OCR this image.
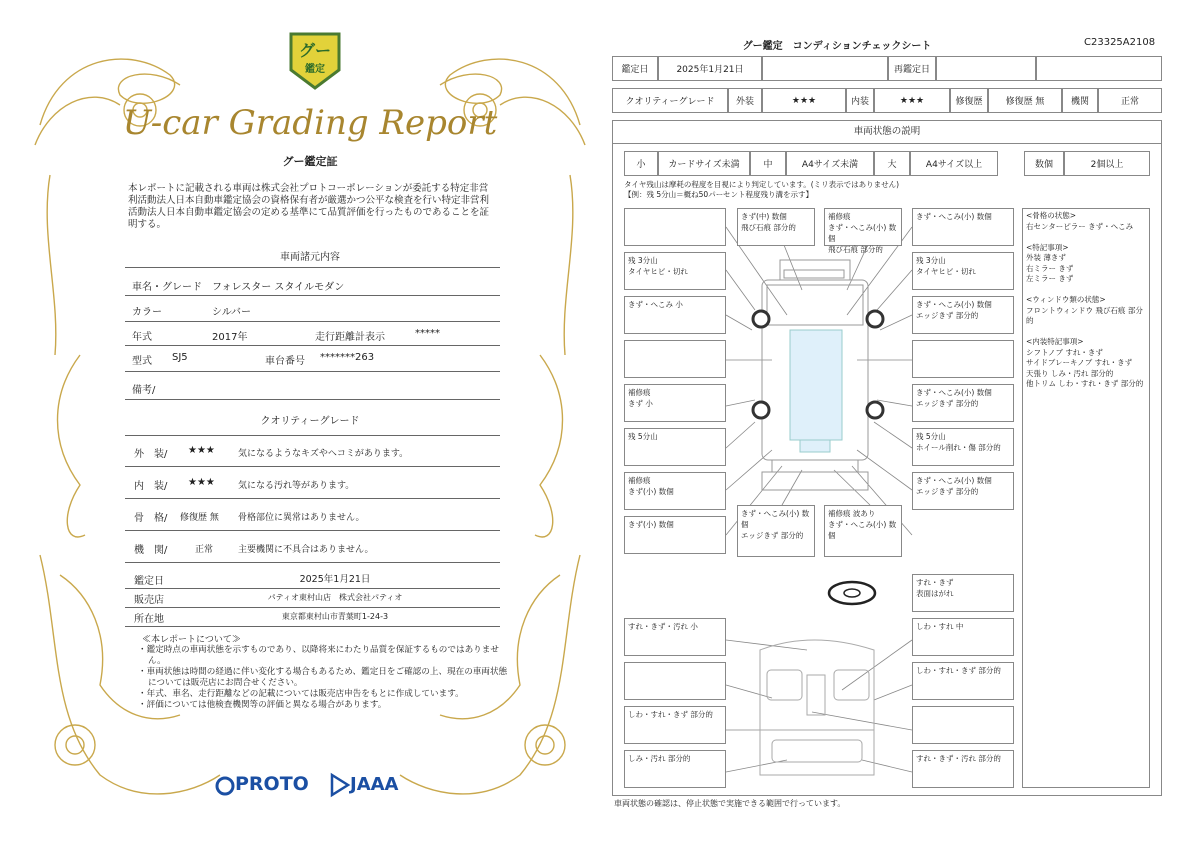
グー
鑑定
U-car Grading Report
グー鑑定証
本レポートに記載される車両は株式会社プロトコーポレーションが委託する特定非営利活動法人日本自動車鑑定協会の資格保有者が厳選かつ公平な検査を行い特定非営利活動法人日本自動車鑑定協会の定める基準にて品質評価を行ったものであることを証明する。
車両諸元内容
車名・グレード フォレスター スタイルモダン
カラー	シルバー
年式	2017年	走行距離計表示	*****
型式 SJ5	車台番号 *******263
備考/
クオリティーグレード
外　装/ ★★★	気になるようなキズやヘコミがあります。
内　装/ ★★★	気になる汚れ等があります。
骨　格/ 修復歴 無 骨格部位に異常はありません。
機　関/	正常	主要機関に不具合はありません。
鑑定日	2025年1月21日
販売店	パティオ東村山店　株式会社パティオ
所在地	東京都東村山市青葉町1-24-3
≪本レポートについて≫
・鑑定時点の車両状態を示すものであり、以降将来にわたり品質を保証するものではありません。
・車両状態は時間の経過に伴い変化する場合もあるため、鑑定日をご確認の上、現在の車両状態については販売店にお問合せください。
・年式、車名、走行距離などの記載については販売店申告をもとに作成しています。
・評価については他検査機関等の評価と異なる場合があります。
PROTO JAAA
グー鑑定　コンディションチェックシート	C23325A2108
鑑定日	2025年1月21日	再鑑定日
クオリティーグレード	外装	★★★	内装	★★★	修復歴	修復歴 無	機関	正常
車両状態の説明
小	カードサイズ未満	中	A4サイズ未満	大	A4サイズ以上	数個	2個以上
タイヤ残山は摩耗の程度を目視により判定しています。(ミリ表示ではありません)
【例：残 5分山＝概ね50パーセント程度残り溝を示す】
残 3分山
タイヤヒビ・切れ
きず・へこみ 小
補修痕
きず 小
残 5分山
補修痕
きず(小) 数個
きず(小) 数個
きず(中) 数個
飛び石痕 部分的
補修痕
きず・へこみ(小) 数個
飛び石痕 部分的
きず・へこみ(小) 数個
エッジきず 部分的
補修痕 波あり
きず・へこみ(小) 数個
きず・へこみ(小) 数個
残 3分山
タイヤヒビ・切れ
きず・へこみ(小) 数個
エッジきず 部分的
きず・へこみ(小) 数個
エッジきず 部分的
残 5分山
ホイール削れ・傷 部分的
きず・へこみ(小) 数個
エッジきず 部分的
<骨格の状態>
右センターピラー きず・へこみ

<特記事項>
外装 薄きず
右ミラー きず
左ミラー きず

<ウィンドウ類の状態>
フロントウィンドウ 飛び石痕 部分的

<内装特記事項>
シフトノブ すれ・きず
サイドブレーキノブ すれ・きず
天張り しみ・汚れ 部分的
他トリム しわ・すれ・きず 部分的
すれ・きず・汚れ 小
しわ・すれ・きず 部分的
しみ・汚れ 部分的
すれ・きず
表面はがれ
しわ・すれ 中
しわ・すれ・きず 部分的
すれ・きず・汚れ 部分的
車両状態の確認は、停止状態で実施できる範囲で行っています。
